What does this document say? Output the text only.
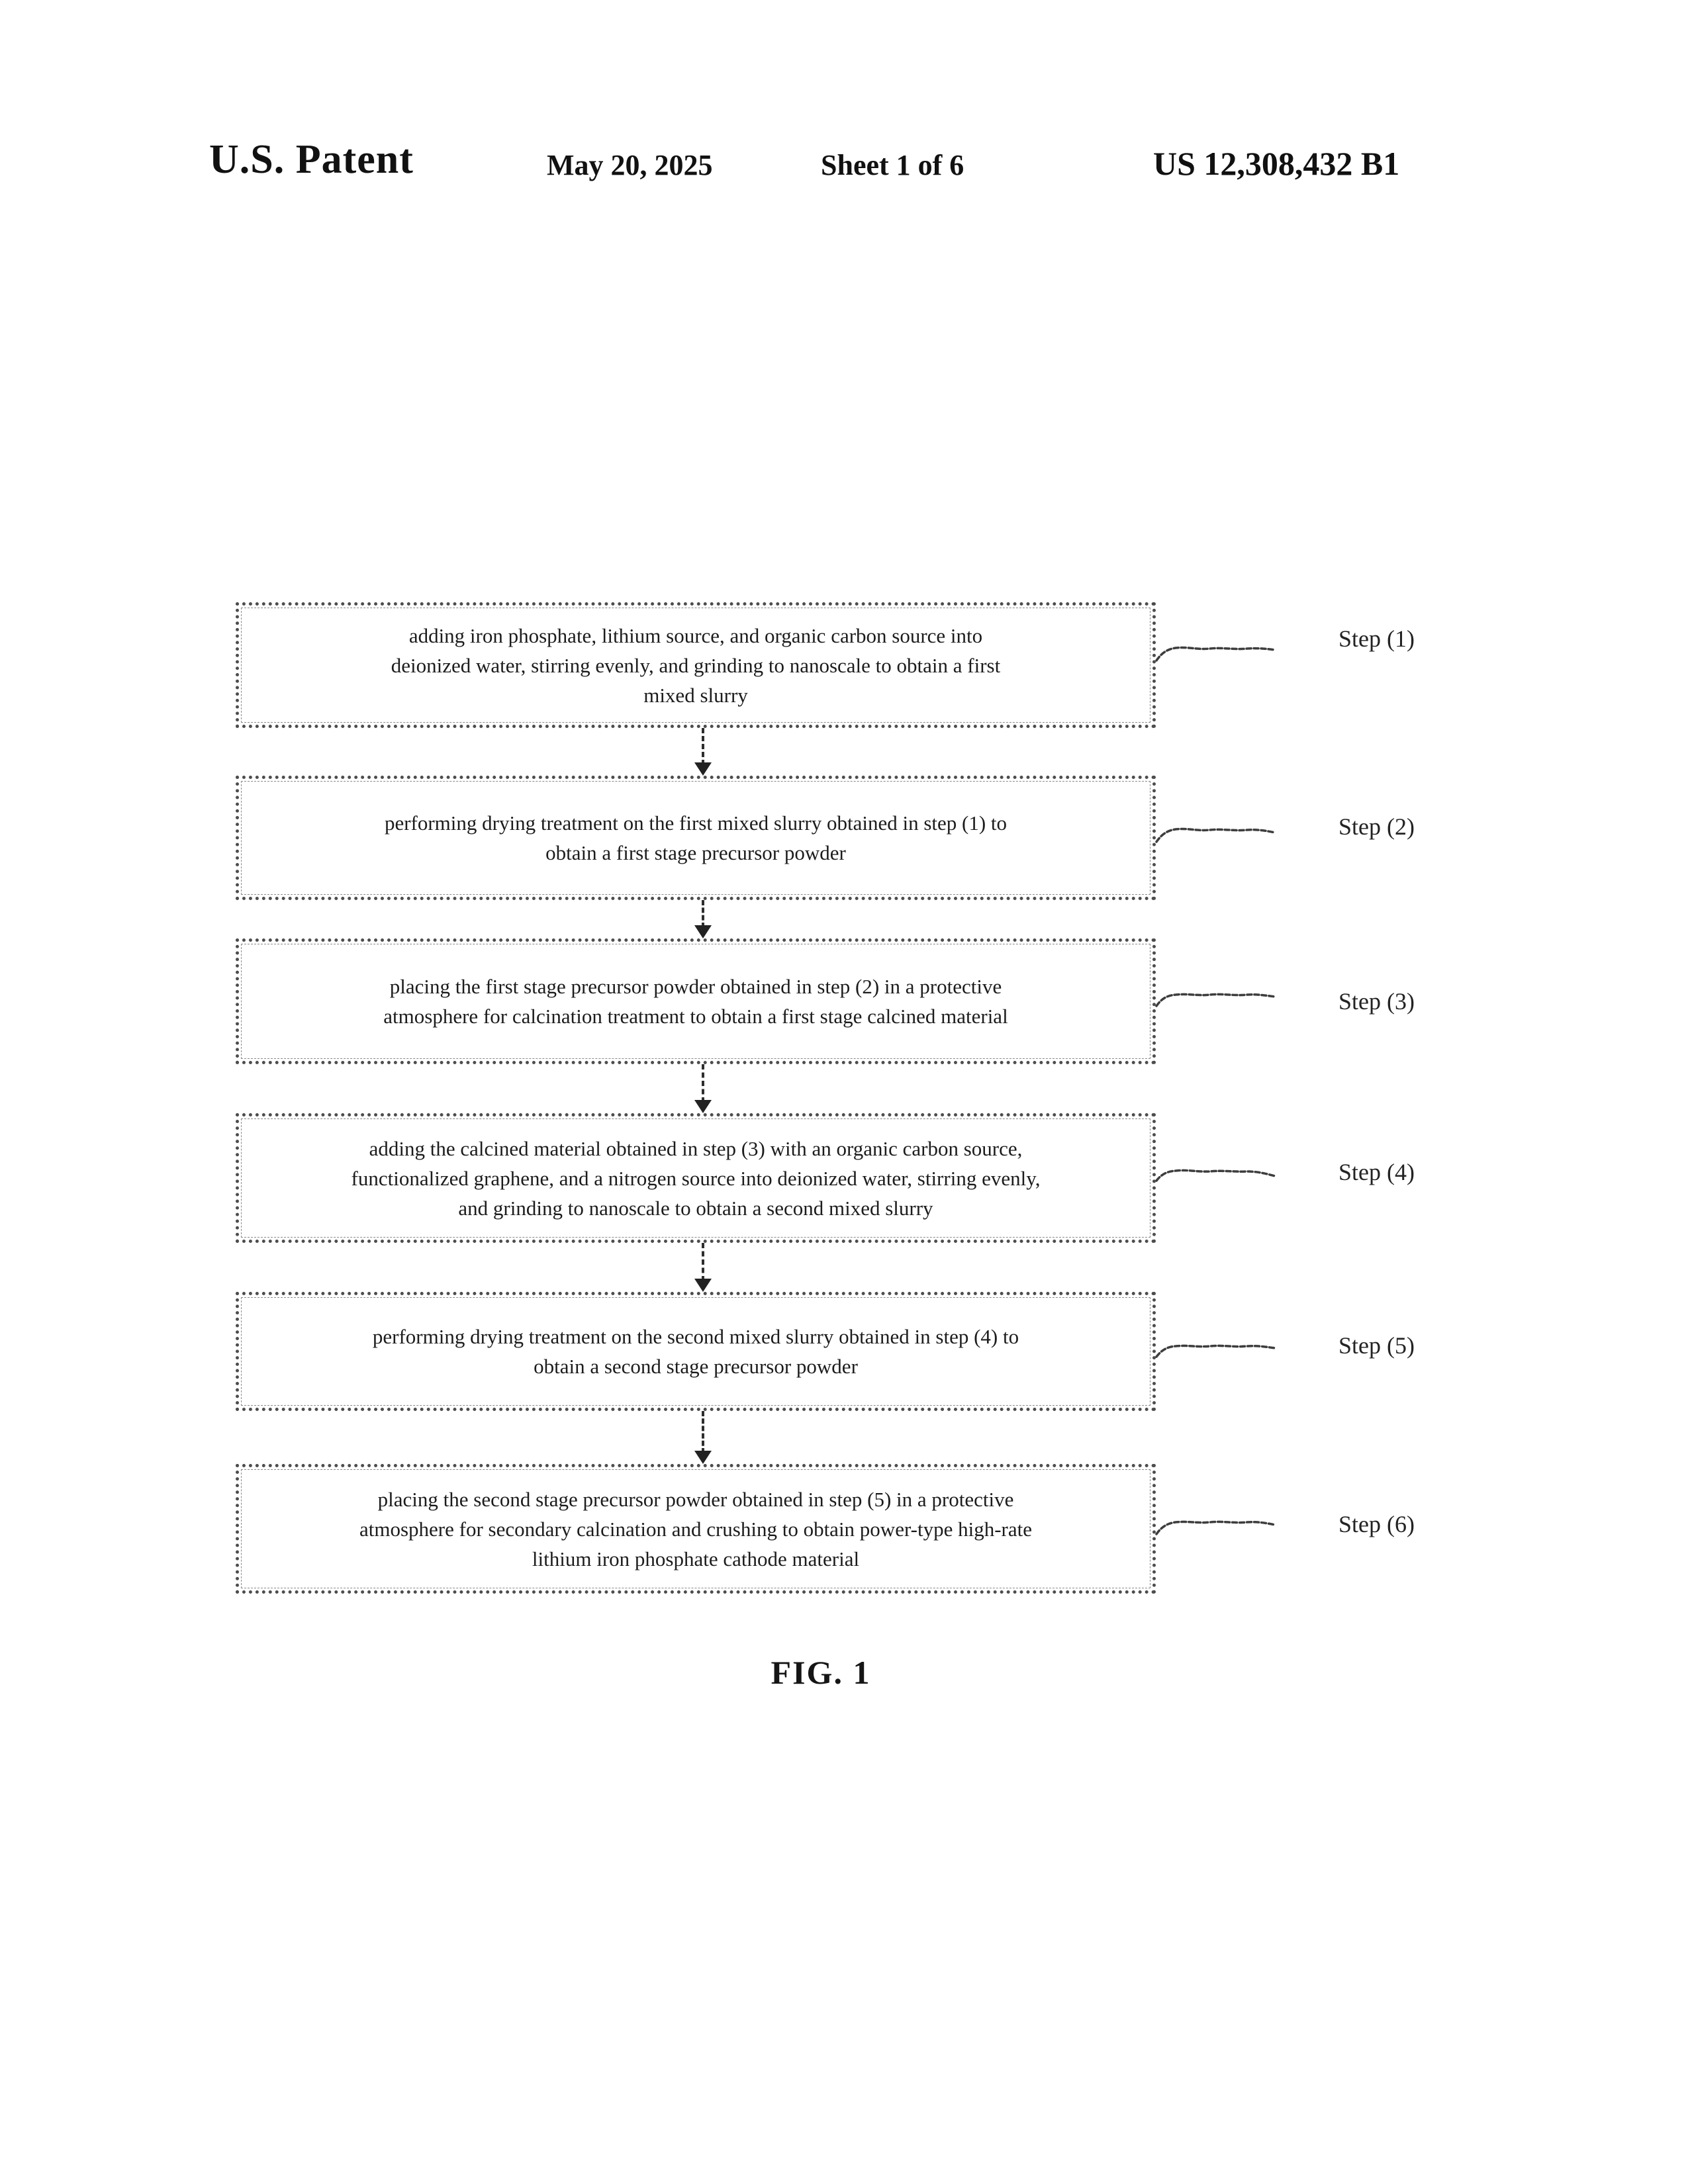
U.S. Patent	May 20, 2025	Sheet 1 of 6	US 12,308,432 B1
adding iron phosphate, lithium source, and organic carbon source into
deionized water, stirring evenly, and grinding to nanoscale to obtain a first
mixed slurry
performing drying treatment on the first mixed slurry obtained in step (1) to
obtain a first stage precursor powder
placing the first stage precursor powder obtained in step (2) in a protective
atmosphere for calcination treatment to obtain a first stage calcined material
adding the calcined material obtained in step (3) with an organic carbon source,
functionalized graphene, and a nitrogen source into deionized water, stirring evenly,
and grinding to nanoscale to obtain a second mixed slurry
performing drying treatment on the second mixed slurry obtained in step (4) to
obtain a second stage precursor powder
placing the second stage precursor powder obtained in step (5) in a protective
atmosphere for secondary calcination and crushing to obtain power-type high-rate
lithium iron phosphate cathode material
Step (1)
Step (2)
Step (3)
Step (4)
Step (5)
Step (6)
FIG. 1
